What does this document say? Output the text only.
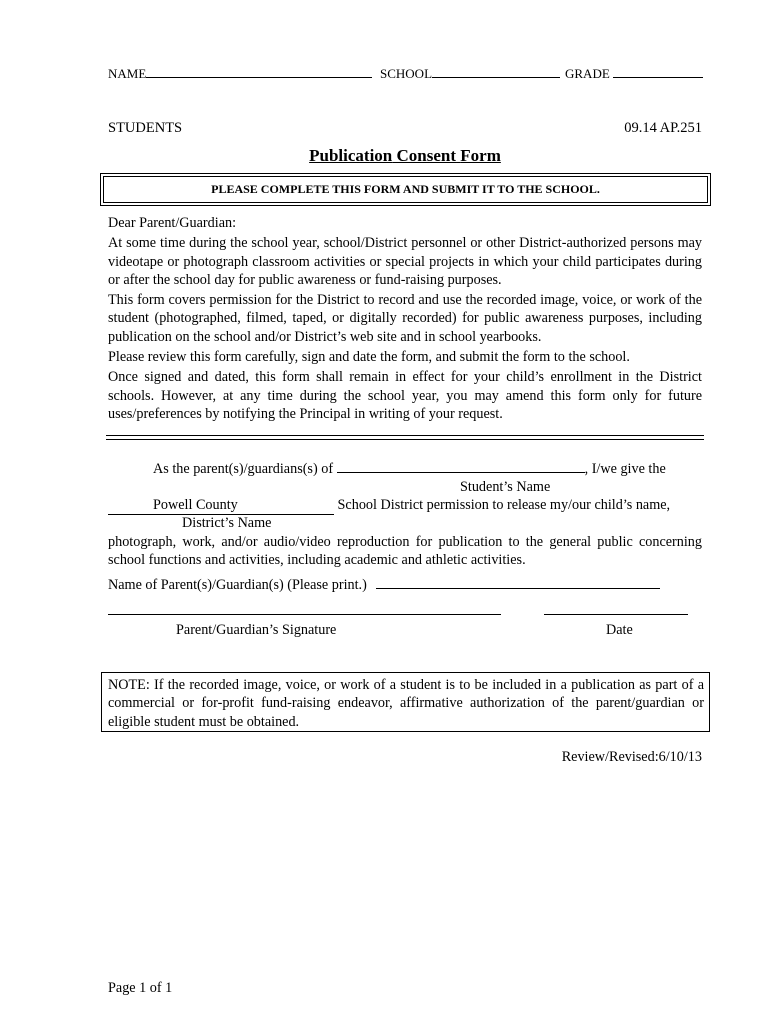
NAME	SCHOOL	GRADE
STUDENTS	09.14 AP.251
Publication Consent Form
PLEASE COMPLETE THIS FORM AND SUBMIT IT TO THE SCHOOL.

Dear Parent/Guardian:

At some time during the school year, school/District personnel or other District-authorized persons may videotape or photograph classroom activities or special projects in which your child participates during or after the school day for public awareness or fund-raising purposes.

This form covers permission for the District to record and use the recorded image, voice, or work of the student (photographed, filmed, taped, or digitally recorded) for public awareness purposes, including publication on the school and/or District’s web site and in school yearbooks.

Please review this form carefully, sign and date the form, and submit the form to the school.

Once signed and dated, this form shall remain in effect for your child’s enrollment in the District schools. However, at any time during the school year, you may amend this form only for future uses/preferences by notifying the Principal in writing of your request.

As the parent(s)/guardians(s) of	, I/we give the
Student’s Name
Powell County	School District permission to release my/our child’s name,
District’s Name

photograph, work, and/or audio/video reproduction for publication to the general public concerning school functions and activities, including academic and athletic activities.

Name of Parent(s)/Guardian(s) (Please print.)
Parent/Guardian’s Signature	Date
NOTE: If the recorded image, voice, or work of a student is to be included in a publication as part of a commercial or for-profit fund-raising endeavor, affirmative authorization of the parent/guardian or eligible student must be obtained.
Review/Revised:6/10/13
Page 1 of 1
